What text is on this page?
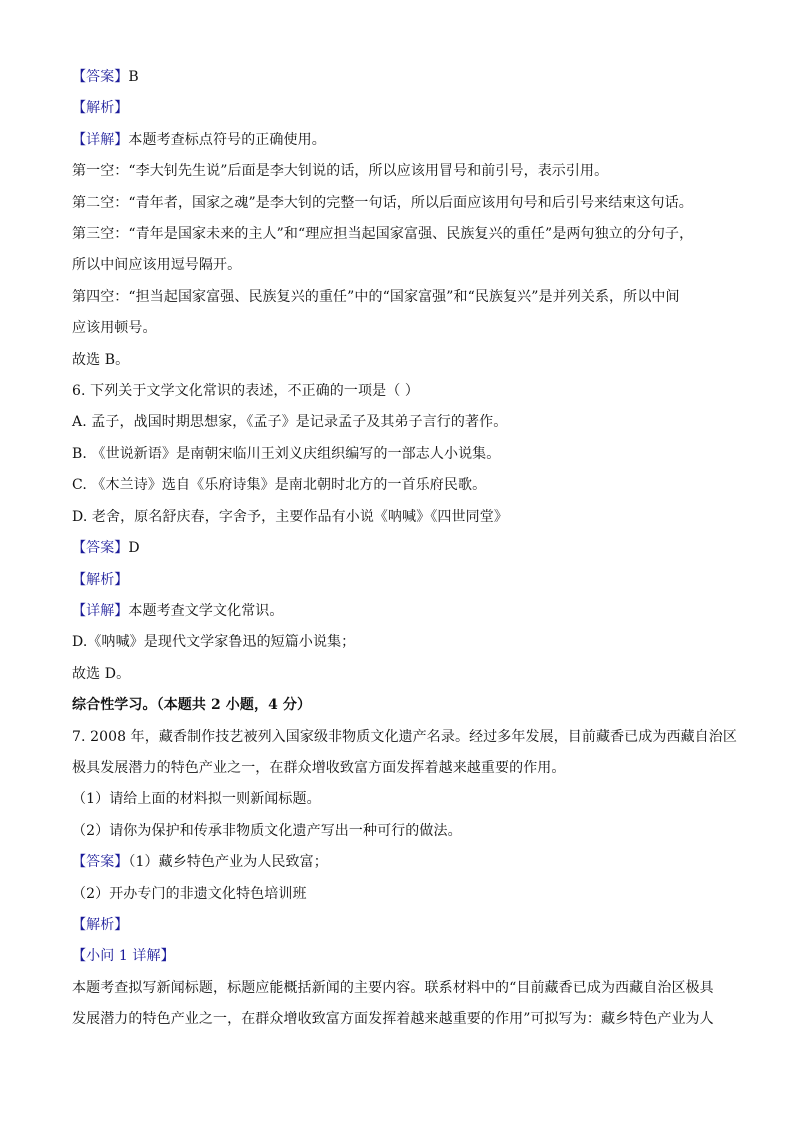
【答案】B
【解析】
【详解】本题考查标点符号的正确使用。
第一空：“李大钊先生说”后面是李大钊说的话，所以应该用冒号和前引号，表示引用。
第二空：“青年者，国家之魂”是李大钊的完整一句话，所以后面应该用句号和后引号来结束这句话。
第三空：“青年是国家未来的主人”和“理应担当起国家富强、民族复兴的重任”是两句独立的分句子，
所以中间应该用逗号隔开。
第四空：“担当起国家富强、民族复兴的重任”中的“国家富强”和“民族复兴”是并列关系，所以中间
应该用顿号。
故选 B。
6. 下列关于文学文化常识的表述，不正确的一项是（ ）
A. 孟子，战国时期思想家，《孟子》是记录孟子及其弟子言行的著作。
B. 《世说新语》是南朝宋临川王刘义庆组织编写的一部志人小说集。
C. 《木兰诗》选自《乐府诗集》是南北朝时北方的一首乐府民歌。
D. 老舍，原名舒庆春，字舍予，主要作品有小说《呐喊》《四世同堂》
【答案】D
【解析】
【详解】本题考查文学文化常识。
D.《呐喊》是现代文学家鲁迅的短篇小说集；
故选 D。
综合性学习。（本题共 2 小题，4 分）
7. 2008 年，藏香制作技艺被列入国家级非物质文化遗产名录。经过多年发展，目前藏香已成为西藏自治区
极具发展潜力的特色产业之一，在群众增收致富方面发挥着越来越重要的作用。
（1）请给上面的材料拟一则新闻标题。
（2）请你为保护和传承非物质文化遗产写出一种可行的做法。
【答案】（1）藏乡特色产业为人民致富；
（2）开办专门的非遗文化特色培训班
【解析】
【小问 1 详解】
本题考查拟写新闻标题，标题应能概括新闻的主要内容。联系材料中的“目前藏香已成为西藏自治区极具
发展潜力的特色产业之一，在群众增收致富方面发挥着越来越重要的作用”可拟写为：藏乡特色产业为人
